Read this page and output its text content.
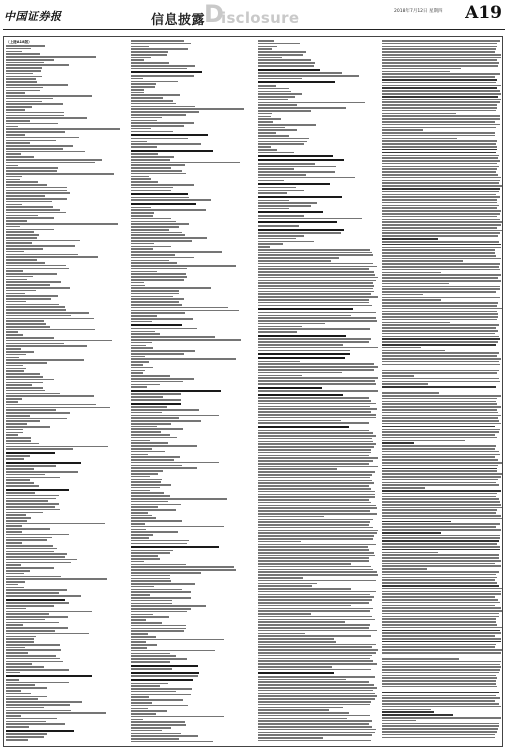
中国证券报	信息披露
D
isclosure	2018年7月12日 星期四 A19
（上接A18版）
